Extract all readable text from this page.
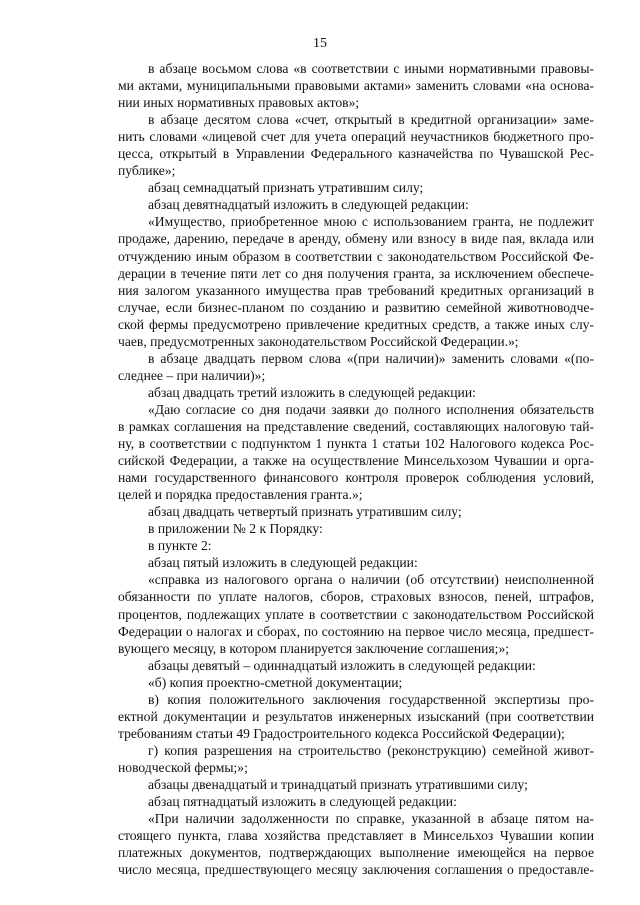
15
в абзаце восьмом слова «в соответствии с иными нормативными правовы-
ми актами, муниципальными правовыми актами» заменить словами «на основа-
нии иных нормативных правовых актов»;
в абзаце десятом слова «счет, открытый в кредитной организации» заме-
нить словами «лицевой счет для учета операций неучастников бюджетного про-
цесса, открытый в Управлении Федерального казначейства по Чувашской Рес-
публике»;
абзац семнадцатый признать утратившим силу;
абзац девятнадцатый изложить в следующей редакции:
«Имущество, приобретенное мною с использованием гранта, не подлежит
продаже, дарению, передаче в аренду, обмену или взносу в виде пая, вклада или
отчуждению иным образом в соответствии с законодательством Российской Фе-
дерации в течение пяти лет со дня получения гранта, за исключением обеспече-
ния залогом указанного имущества прав требований кредитных организаций в
случае, если бизнес-планом по созданию и развитию семейной животноводче-
ской фермы предусмотрено привлечение кредитных средств, а также иных слу-
чаев, предусмотренных законодательством Российской Федерации.»;
в абзаце двадцать первом слова «(при наличии)» заменить словами «(по-
следнее – при наличии)»;
абзац двадцать третий изложить в следующей редакции:
«Даю согласие со дня подачи заявки до полного исполнения обязательств
в рамках соглашения на представление сведений, составляющих налоговую тай-
ну, в соответствии с подпунктом 1 пункта 1 статьи 102 Налогового кодекса Рос-
сийской Федерации, а также на осуществление Минсельхозом Чувашии и орга-
нами государственного финансового контроля проверок соблюдения условий,
целей и порядка предоставления гранта.»;
абзац двадцать четвертый признать утратившим силу;
в приложении № 2 к Порядку:
в пункте 2:
абзац пятый изложить в следующей редакции:
«справка из налогового органа о наличии (об отсутствии) неисполненной
обязанности по уплате налогов, сборов, страховых взносов, пеней, штрафов,
процентов, подлежащих уплате в соответствии с законодательством Российской
Федерации о налогах и сборах, по состоянию на первое число месяца, предшест-
вующего месяцу, в котором планируется заключение соглашения;»;
абзацы девятый – одиннадцатый изложить в следующей редакции:
«б) копия проектно-сметной документации;
в) копия положительного заключения государственной экспертизы про-
ектной документации и результатов инженерных изысканий (при соответствии
требованиям статьи 49 Градостроительного кодекса Российской Федерации);
г) копия разрешения на строительство (реконструкцию) семейной живот-
новодческой фермы;»;
абзацы двенадцатый и тринадцатый признать утратившими силу;
абзац пятнадцатый изложить в следующей редакции:
«При наличии задолженности по справке, указанной в абзаце пятом на-
стоящего пункта, глава хозяйства представляет в Минсельхоз Чувашии копии
платежных документов, подтверждающих выполнение имеющейся на первое
число месяца, предшествующего месяцу заключения соглашения о предоставле-
